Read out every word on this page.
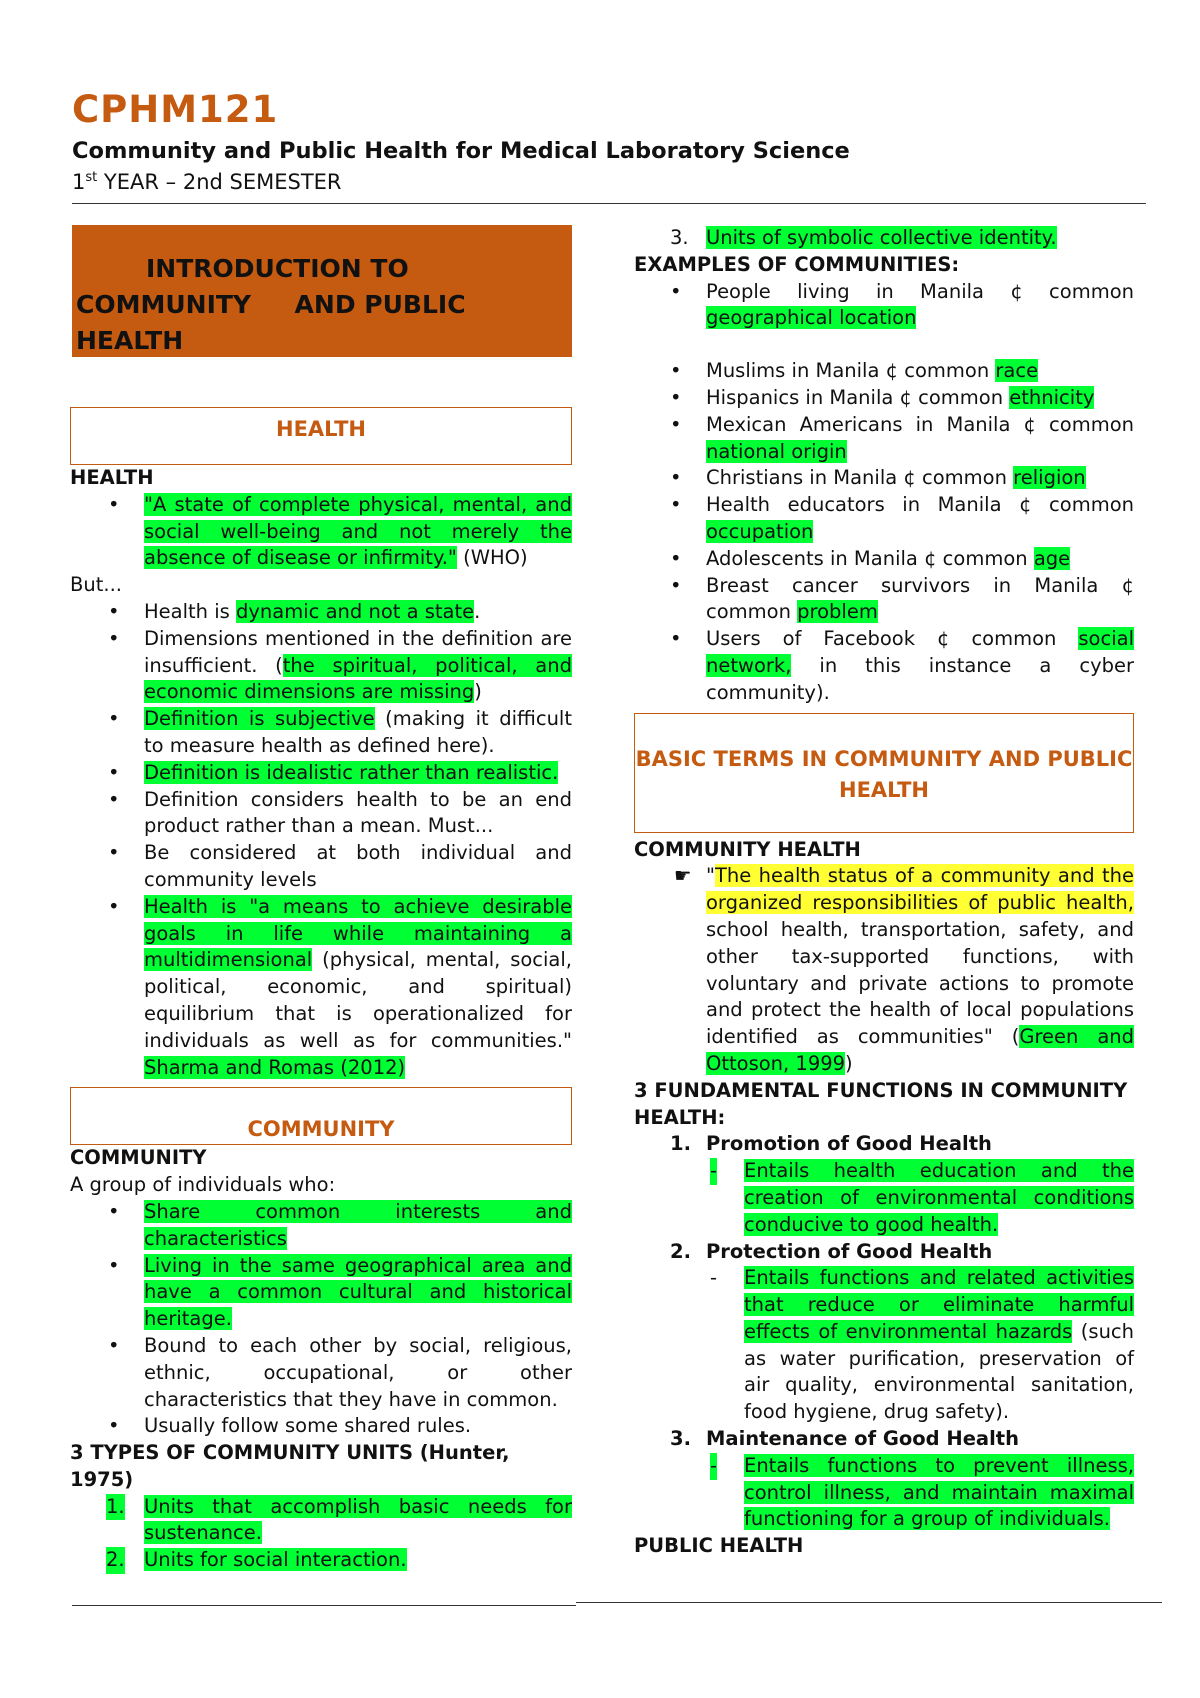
CPHM121
Community and Public Health for Medical Laboratory Science
1st YEAR – 2nd SEMESTER
INTRODUCTION TO
COMMUNITY     AND PUBLIC
HEALTH
HEALTH
HEALTH
• "A state of complete physical, mental, and social well-being and not merely the absence of disease or infirmity." (WHO)
But...
• Health is dynamic and not a state.
• Dimensions mentioned in the definition are insufficient. (the spiritual, political, and economic dimensions are missing)
• Definition is subjective (making it difficult to measure health as defined here).
• Definition is idealistic rather than realistic.
• Definition considers health to be an end product rather than a mean. Must...
• Be considered at both individual and community levels
• Health is "a means to achieve desirable goals in life while maintaining a multidimensional (physical, mental, social, political, economic, and spiritual) equilibrium that is operationalized for individuals as well as for communities." Sharma and Romas (2012)
COMMUNITY
COMMUNITY
A group of individuals who:
• Share common interests and characteristics
• Living in the same geographical area and have a common cultural and historical heritage.
• Bound to each other by social, religious, ethnic, occupational, or other characteristics that they have in common.
• Usually follow some shared rules.
3 TYPES OF COMMUNITY UNITS (Hunter, 1975)
1. Units that accomplish basic needs for sustenance.
2. Units for social interaction.
3. Units of symbolic collective identity.
EXAMPLES OF COMMUNITIES:
• People living in Manila ¢ common geographical location
• Muslims in Manila ¢ common race
• Hispanics in Manila ¢ common ethnicity
• Mexican Americans in Manila ¢ common national origin
• Christians in Manila ¢ common religion
• Health educators in Manila ¢ common occupation
• Adolescents in Manila ¢ common age
• Breast cancer survivors in Manila ¢ common problem
• Users of Facebook ¢ common social network, in this instance a cyber community).
BASIC TERMS IN COMMUNITY AND PUBLIC HEALTH
COMMUNITY HEALTH
☛ "The health status of a community and the organized responsibilities of public health, school health, transportation, safety, and other tax-supported functions, with voluntary and private actions to promote and protect the health of local populations identified as communities" (Green and Ottoson, 1999)
3 FUNDAMENTAL FUNCTIONS IN COMMUNITY HEALTH:
1. Promotion of Good Health
- Entails health education and the creation of environmental conditions conducive to good health.
2. Protection of Good Health
- Entails functions and related activities that reduce or eliminate harmful effects of environmental hazards (such as water purification, preservation of air quality, environmental sanitation, food hygiene, drug safety).
3. Maintenance of Good Health
- Entails functions to prevent illness, control illness, and maintain maximal functioning for a group of individuals.
PUBLIC HEALTH
